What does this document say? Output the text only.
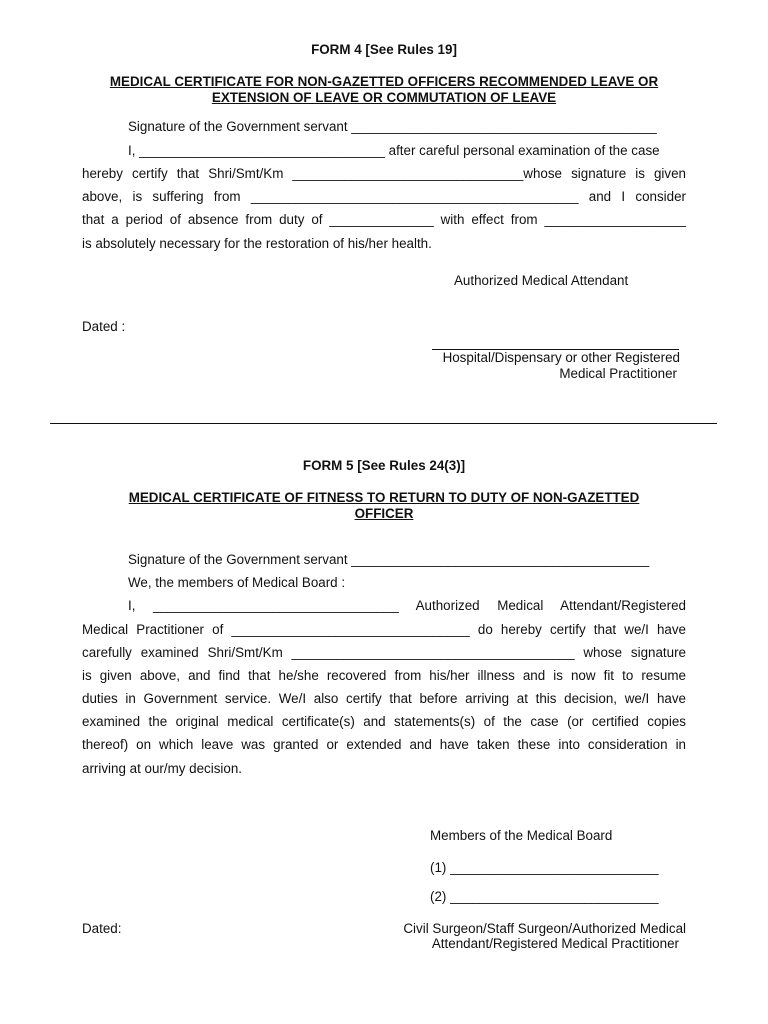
FORM 4 [See Rules 19]
MEDICAL CERTIFICATE FOR NON-GAZETTED OFFICERS RECOMMENDED LEAVE OR
EXTENSION OF LEAVE OR COMMUTATION OF LEAVE
Signature of the Government servant _________________________________________
I, _________________________________ after careful personal examination of the case
hereby certify that Shri/Smt/Km _______________________________whose signature is given
above, is suffering from ____________________________________________ and I consider
that a period of absence from duty of ______________ with effect from ___________________
is absolutely necessary for the restoration of his/her health.
Authorized Medical Attendant
Dated :
Hospital/Dispensary or other Registered
Medical Practitioner
FORM 5 [See Rules 24(3)]
MEDICAL CERTIFICATE OF FITNESS TO RETURN TO DUTY OF NON-GAZETTED
OFFICER
Signature of the Government servant ________________________________________
We, the members of Medical Board :
I, _________________________________ Authorized Medical Attendant/Registered
Medical Practitioner of ________________________________ do hereby certify that we/I have
carefully examined Shri/Smt/Km ______________________________________ whose signature
is given above, and find that he/she recovered from his/her illness and is now fit to resume
duties in Government service. We/I also certify that before arriving at this decision, we/I have
examined the original medical certificate(s) and statements(s) of the case (or certified copies
thereof) on which leave was granted or extended and have taken these into consideration in
arriving at our/my decision.
Members of the Medical Board
(1) ____________________________
(2) ____________________________
Dated:	Civil Surgeon/Staff Surgeon/Authorized Medical
Attendant/Registered Medical Practitioner
